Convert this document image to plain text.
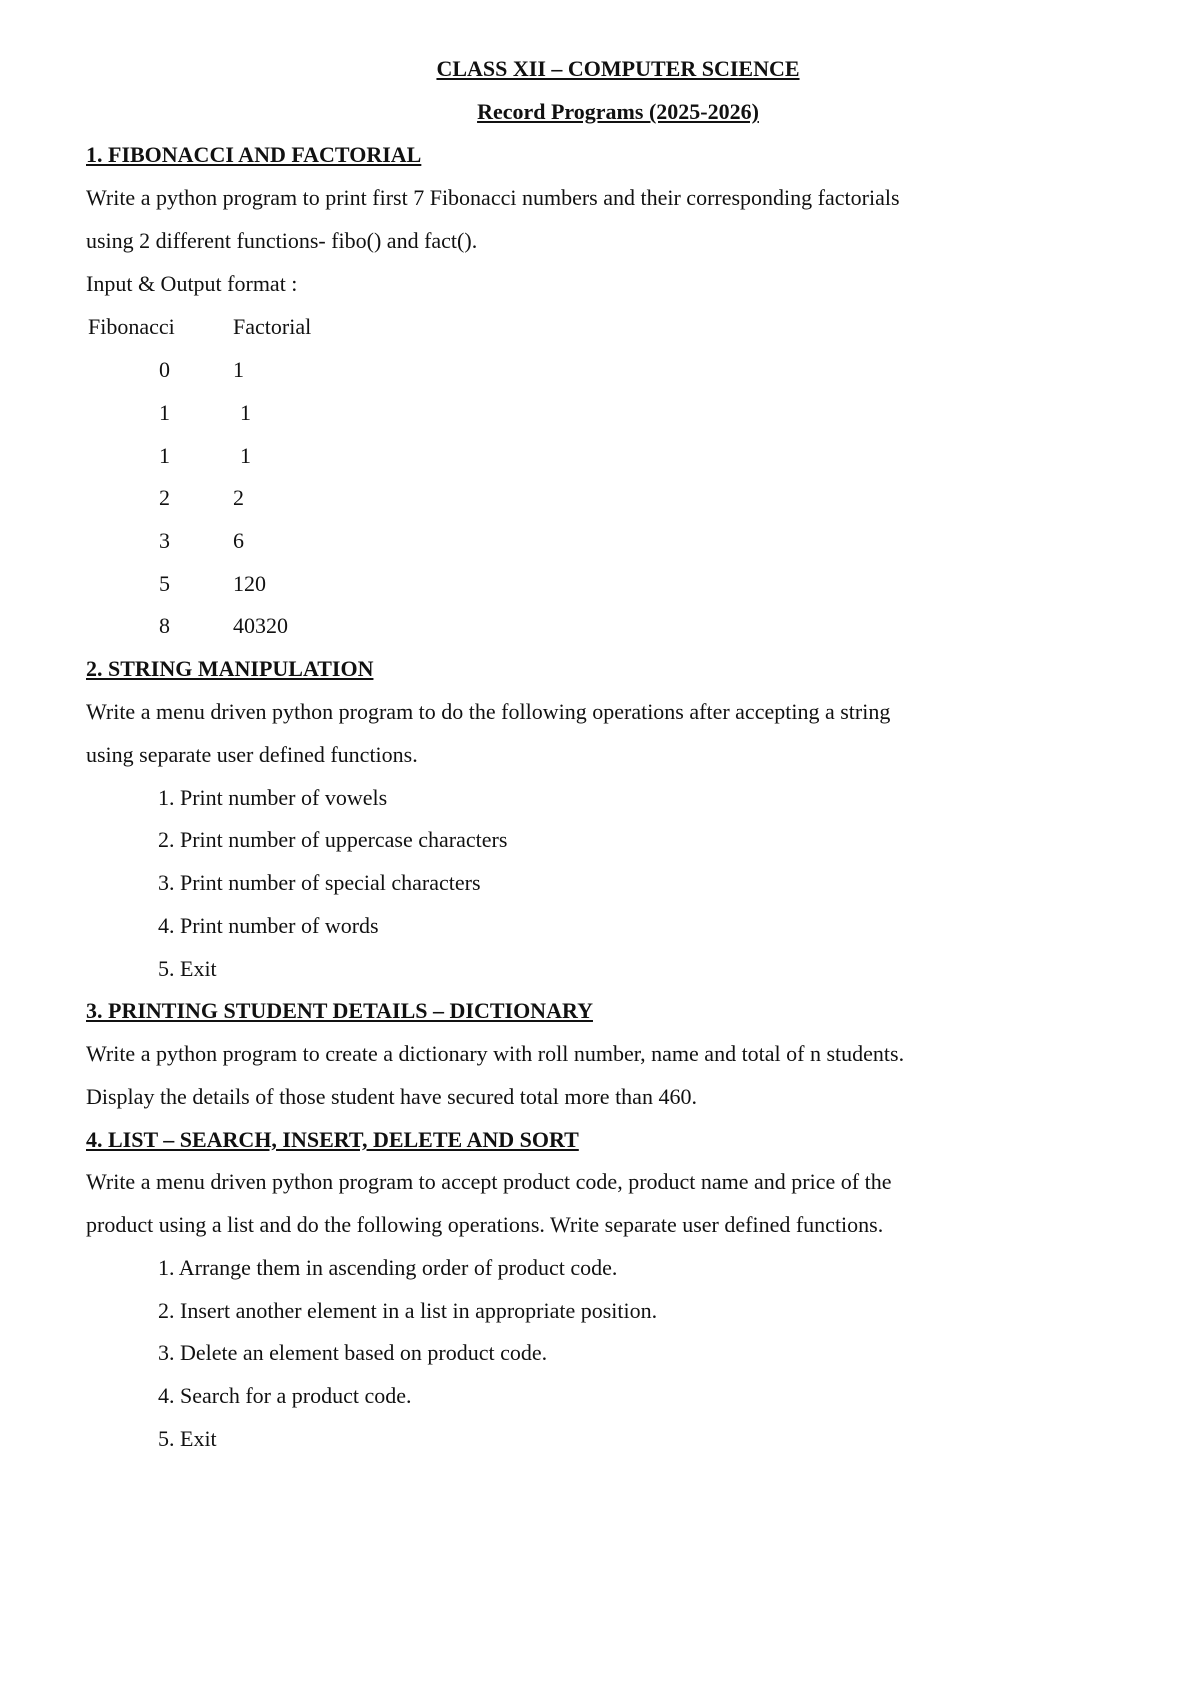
CLASS XII – COMPUTER SCIENCE
Record Programs (2025-2026)
1. FIBONACCI AND FACTORIAL
Write a python program to print first 7 Fibonacci numbers and their corresponding factorials
using 2 different functions- fibo() and fact().
Input & Output format :
Fibonacci	Factorial
0	1
1	1
1	1
2	2
3	6
5	120
8	40320
2. STRING MANIPULATION
Write a menu driven python program to do the following operations after accepting a string
using separate user defined functions.
1. Print number of vowels
2. Print number of uppercase characters
3. Print number of special characters
4. Print number of words
5. Exit
3. PRINTING STUDENT DETAILS – DICTIONARY
Write a python program to create a dictionary with roll number, name and total of n students.
Display the details of those student have secured total more than 460.
4. LIST – SEARCH, INSERT, DELETE AND SORT
Write a menu driven python program to accept product code, product name and price of the
product using a list and do the following operations. Write separate user defined functions.
1. Arrange them in ascending order of product code.
2. Insert another element in a list in appropriate position.
3. Delete an element based on product code.
4. Search for a product code.
5. Exit
